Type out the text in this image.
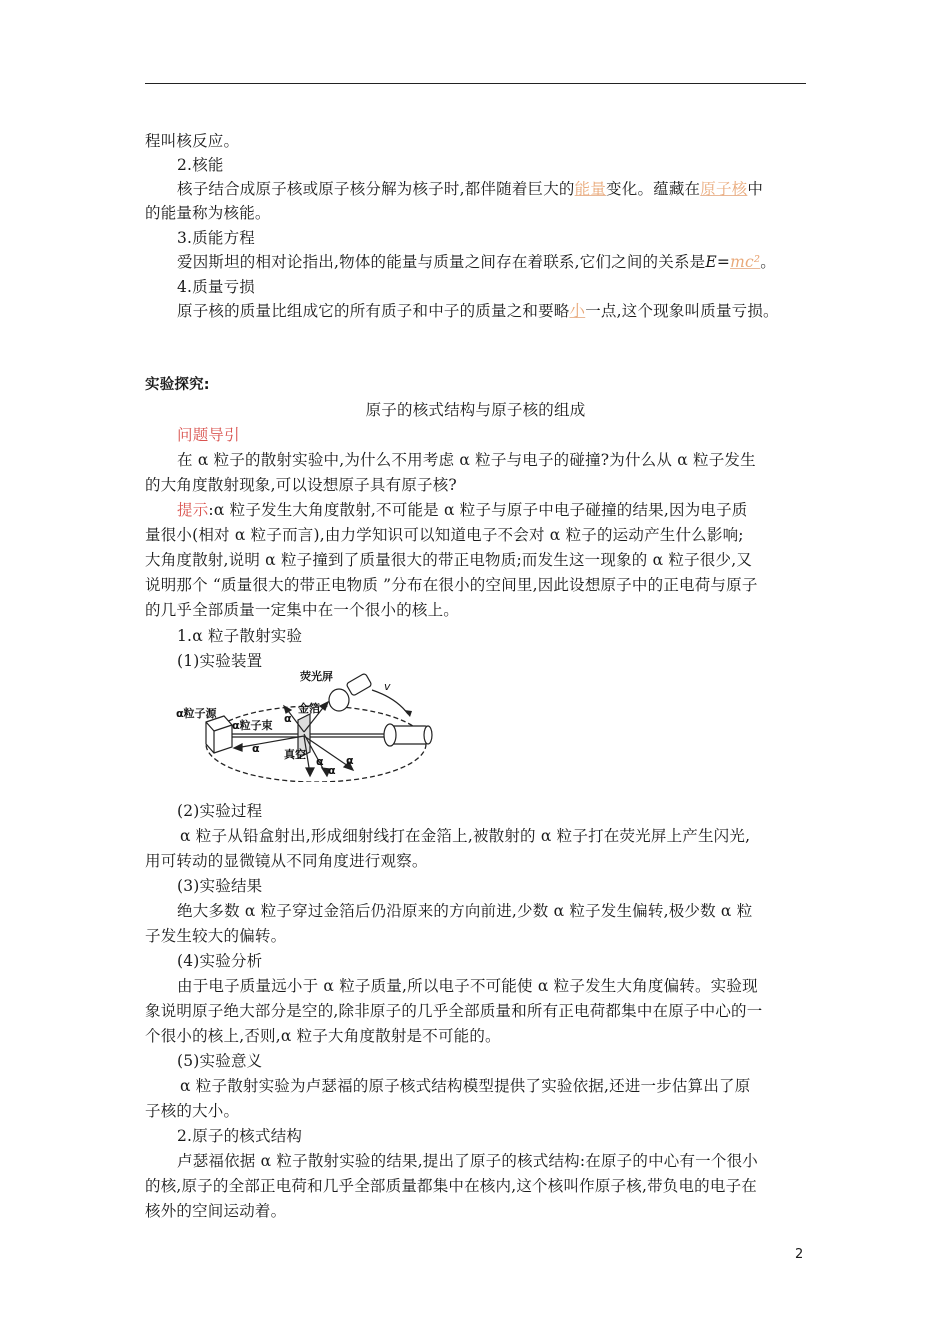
程叫核反应。
2.核能
核子结合成原子核或原子核分解为核子时,都伴随着巨大的能量变化。蕴藏在原子核中
的能量称为核能。
3.质能方程
爱因斯坦的相对论指出,物体的能量与质量之间存在着联系,它们之间的关系是E=mc²。
4.质量亏损
原子核的质量比组成它的所有质子和中子的质量之和要略小一点,这个现象叫质量亏损。
实验探究:
原子的核式结构与原子核的组成
问题导引
在 α 粒子的散射实验中,为什么不用考虑 α 粒子与电子的碰撞?为什么从 α 粒子发生
的大角度散射现象,可以设想原子具有原子核?
提示:α 粒子发生大角度散射,不可能是 α 粒子与原子中电子碰撞的结果,因为电子质
量很小(相对 α 粒子而言),由力学知识可以知道电子不会对 α 粒子的运动产生什么影响;
大角度散射,说明 α 粒子撞到了质量很大的带正电物质;而发生这一现象的 α 粒子很少,又
说明那个 “质量很大的带正电物质 ”分布在很小的空间里,因此设想原子中的正电荷与原子
的几乎全部质量一定集中在一个很小的核上。
1.α 粒子散射实验
(1)实验装置
荧光屏
v
α粒子源	金箔
α粒子束
真空
α
α
α
α
α
(2)实验过程
α 粒子从铅盒射出,形成细射线打在金箔上,被散射的 α 粒子打在荧光屏上产生闪光,
用可转动的显微镜从不同角度进行观察。
(3)实验结果
绝大多数 α 粒子穿过金箔后仍沿原来的方向前进,少数 α 粒子发生偏转,极少数 α 粒
子发生较大的偏转。
(4)实验分析
由于电子质量远小于 α 粒子质量,所以电子不可能使 α 粒子发生大角度偏转。实验现
象说明原子绝大部分是空的,除非原子的几乎全部质量和所有正电荷都集中在原子中心的一
个很小的核上,否则,α 粒子大角度散射是不可能的。
(5)实验意义
α 粒子散射实验为卢瑟福的原子核式结构模型提供了实验依据,还进一步估算出了原
子核的大小。
2.原子的核式结构
卢瑟福依据 α 粒子散射实验的结果,提出了原子的核式结构:在原子的中心有一个很小
的核,原子的全部正电荷和几乎全部质量都集中在核内,这个核叫作原子核,带负电的电子在
核外的空间运动着。
2
